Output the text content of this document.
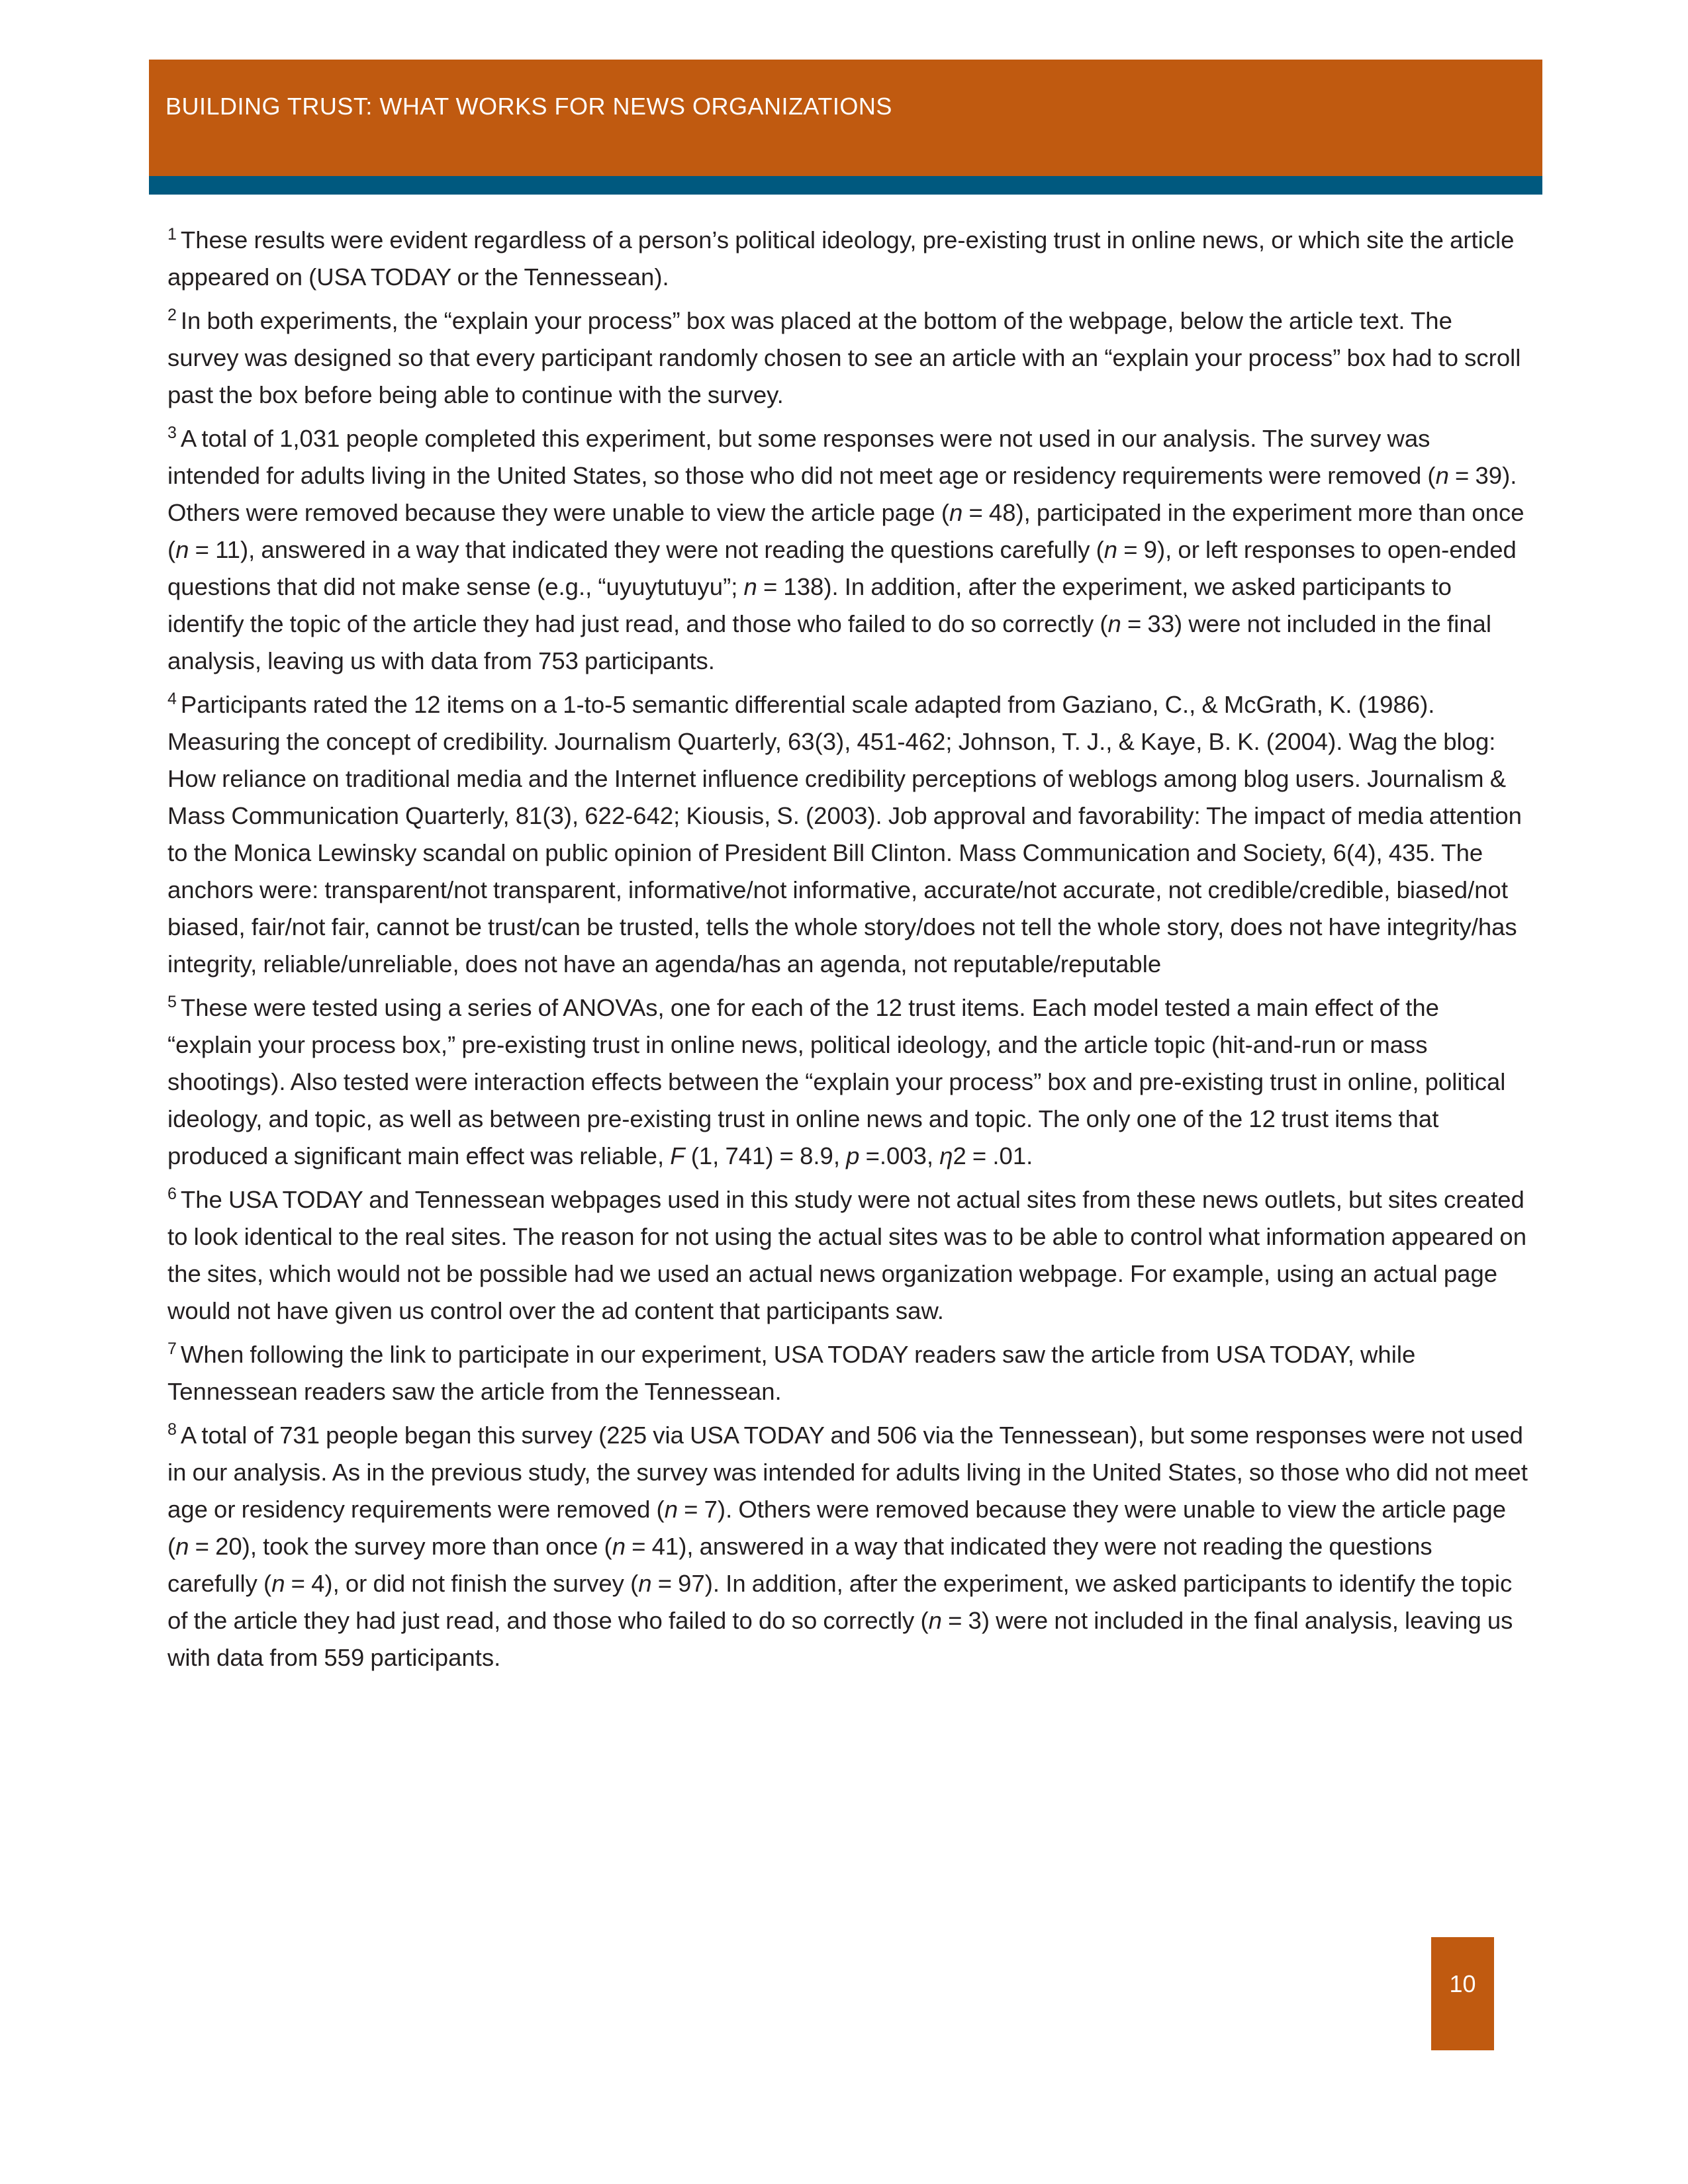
BUILDING TRUST: WHAT WORKS FOR NEWS ORGANIZATIONS

$^1$ These results were evident regardless of a person’s political ideology, pre-existing trust in online news, or which site the article appeared on (USA TODAY or the Tennessean).

$^2$ In both experiments, the “explain your process” box was placed at the bottom of the webpage, below the article text. The survey was designed so that every participant randomly chosen to see an article with an “explain your process” box had to scroll past the box before being able to continue with the survey.

$^3$ A total of 1,031 people completed this experiment, but some responses were not used in our analysis. The survey was intended for adults living in the United States, so those who did not meet age or residency requirements were removed (n = 39). Others were removed because they were unable to view the article page (n = 48), participated in the experiment more than once (n = 11), answered in a way that indicated they were not reading the questions carefully (n = 9), or left responses to open-ended questions that did not make sense (e.g., “uyuytutuyu”; n = 138). In addition, after the experiment, we asked participants to identify the topic of the article they had just read, and those who failed to do so correctly (n = 33) were not included in the final analysis, leaving us with data from 753 participants.

$^4$ Participants rated the 12 items on a 1-to-5 semantic differential scale adapted from Gaziano, C., & McGrath, K. (1986). Measuring the concept of credibility. Journalism Quarterly, 63(3), 451-462; Johnson, T. J., & Kaye, B. K. (2004). Wag the blog: How reliance on traditional media and the Internet influence credibility perceptions of weblogs among blog users. Journalism & Mass Communication Quarterly, 81(3), 622-642; Kiousis, S. (2003). Job approval and favorability: The impact of media attention to the Monica Lewinsky scandal on public opinion of President Bill Clinton. Mass Communication and Society, 6(4), 435. The anchors were: transparent/not transparent, informative/not informative, accurate/not accurate, not credible/credible, biased/not biased, fair/not fair, cannot be trust/can be trusted, tells the whole story/does not tell the whole story, does not have integrity/has integrity, reliable/unreliable, does not have an agenda/has an agenda, not reputable/reputable

$^5$ These were tested using a series of ANOVAs, one for each of the 12 trust items. Each model tested a main effect of the “explain your process box,” pre-existing trust in online news, political ideology, and the article topic (hit-and-run or mass shootings). Also tested were interaction effects between the “explain your process” box and pre-existing trust in online, political ideology, and topic, as well as between pre-existing trust in online news and topic. The only one of the 12 trust items that produced a significant main effect was reliable, F (1, 741) = 8.9, p =.003, η2 = .01.

$^6$ The USA TODAY and Tennessean webpages used in this study were not actual sites from these news outlets, but sites created to look identical to the real sites. The reason for not using the actual sites was to be able to control what information appeared on the sites, which would not be possible had we used an actual news organization webpage. For example, using an actual page would not have given us control over the ad content that participants saw.

$^7$ When following the link to participate in our experiment, USA TODAY readers saw the article from USA TODAY, while Tennessean readers saw the article from the Tennessean.

$^8$ A total of 731 people began this survey (225 via USA TODAY and 506 via the Tennessean), but some responses were not used in our analysis. As in the previous study, the survey was intended for adults living in the United States, so those who did not meet age or residency requirements were removed (n = 7). Others were removed because they were unable to view the article page (n = 20), took the survey more than once (n = 41), answered in a way that indicated they were not reading the questions carefully (n = 4), or did not finish the survey (n = 97). In addition, after the experiment, we asked participants to identify the topic of the article they had just read, and those who failed to do so correctly (n = 3) were not included in the final analysis, leaving us with data from 559 participants.

10
